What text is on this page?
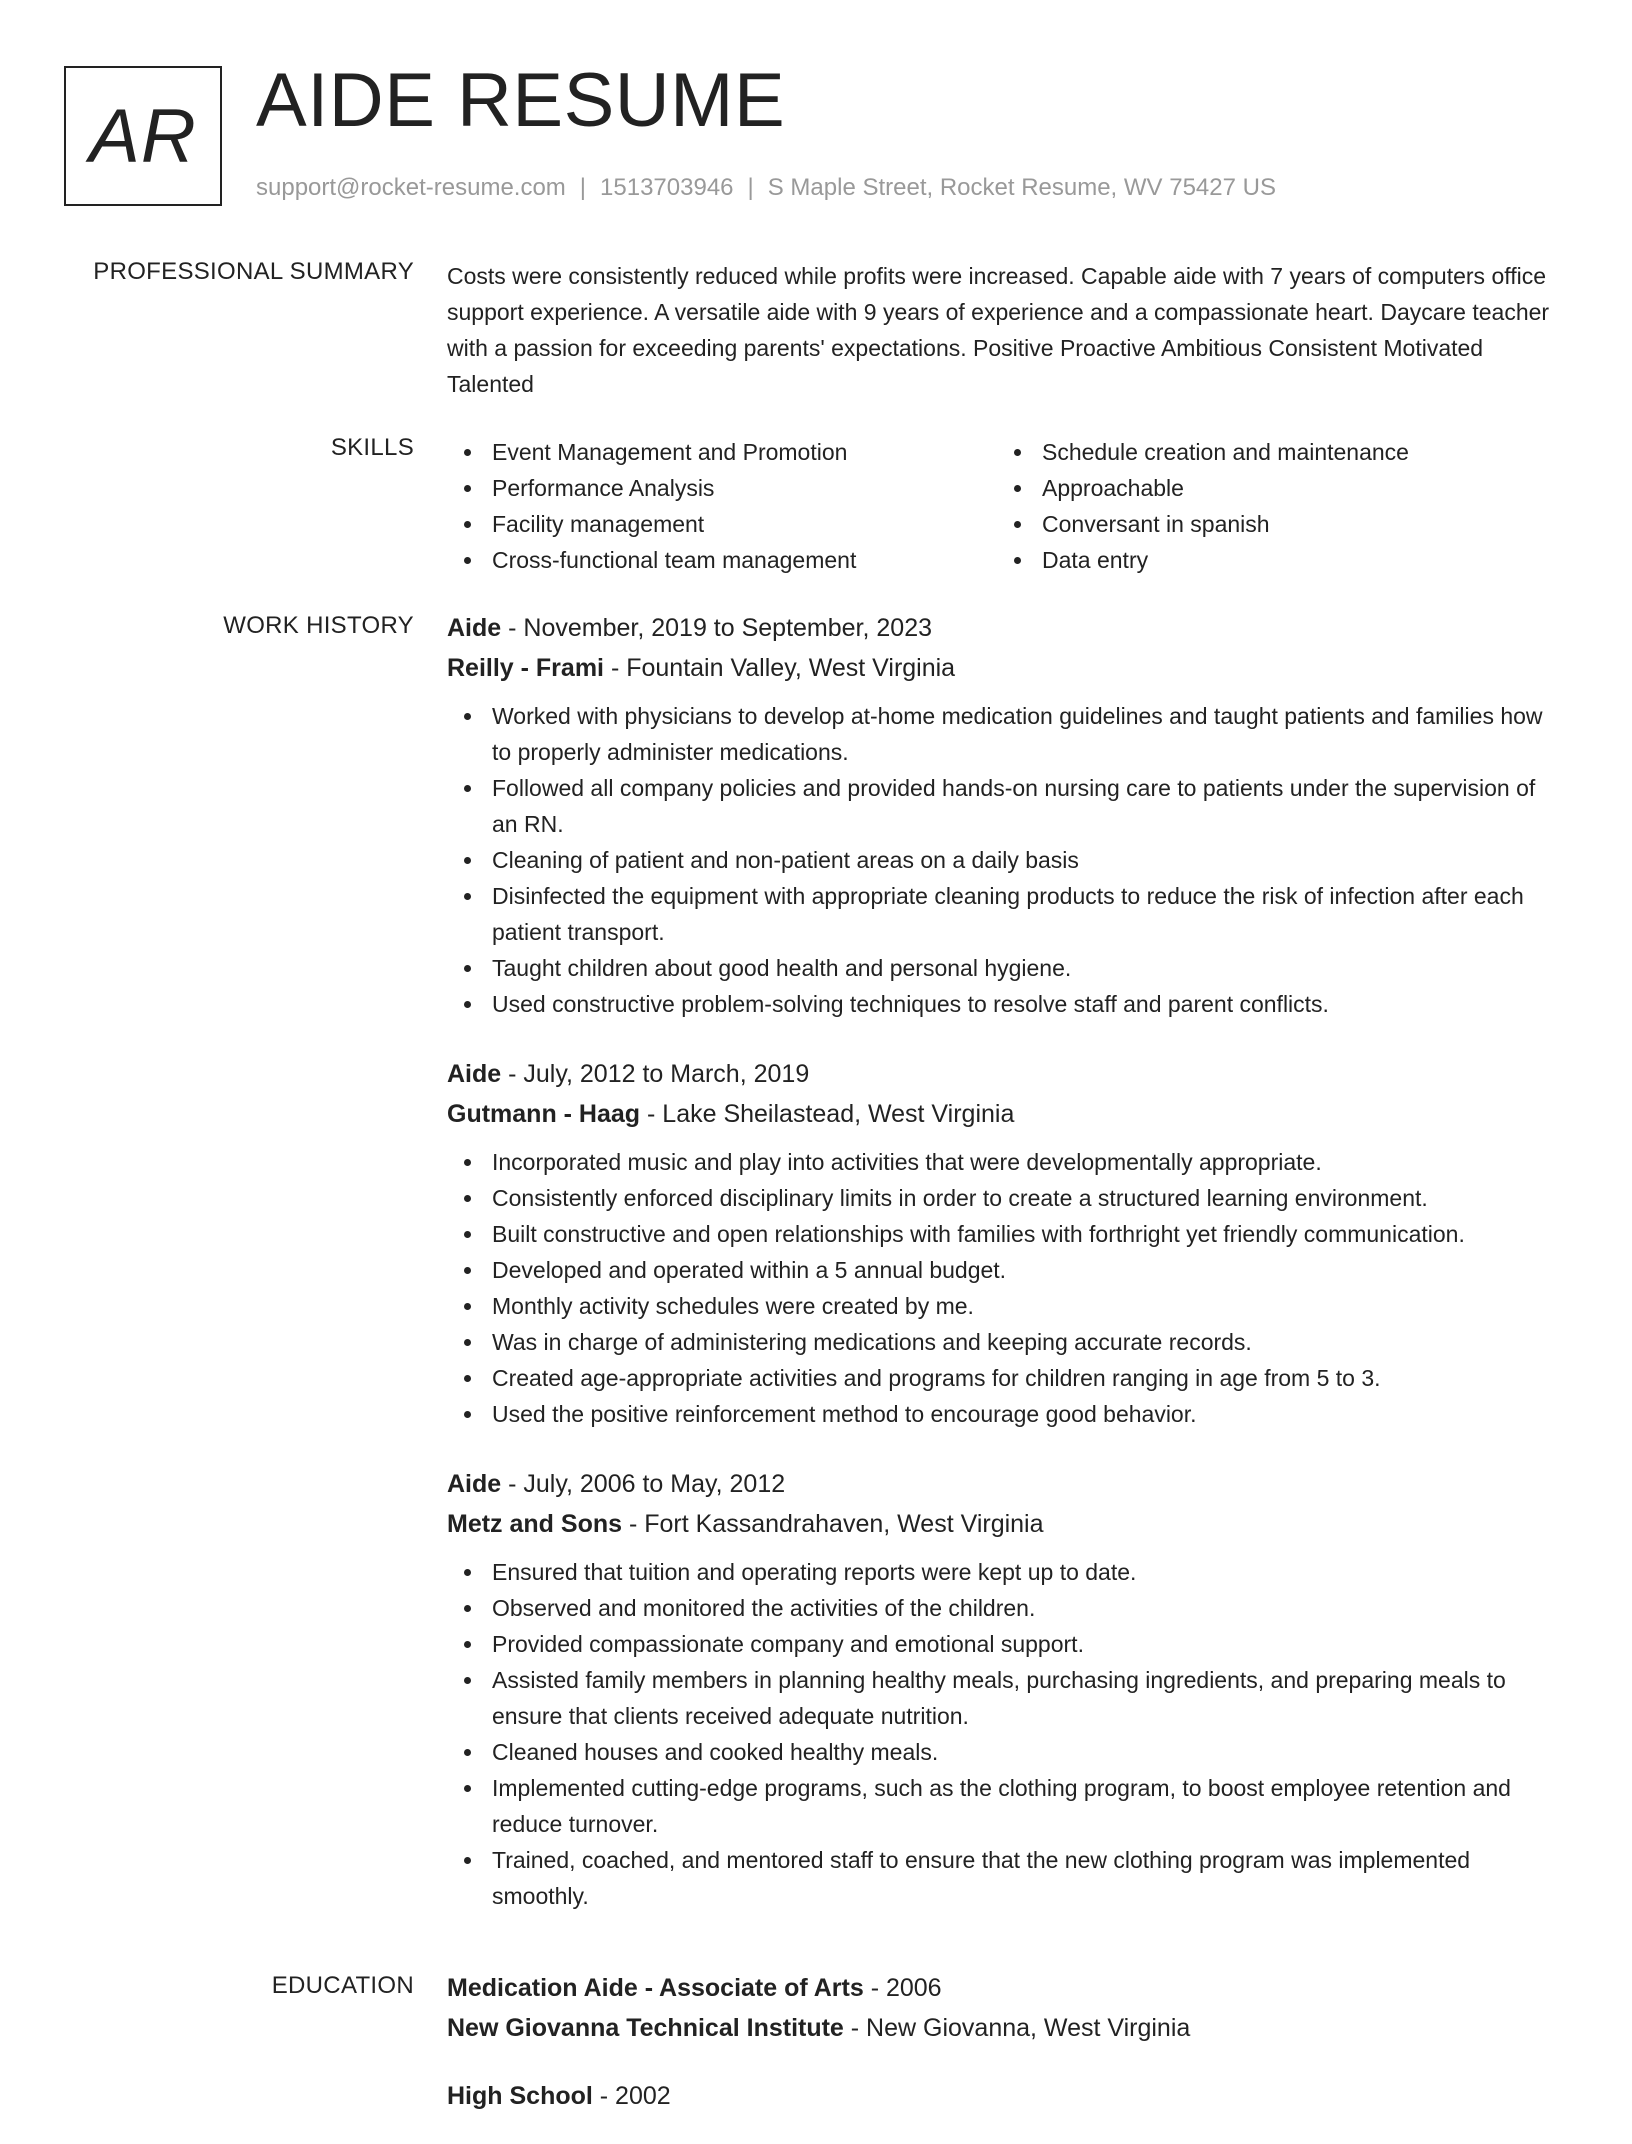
AR AIDE RESUME
support@rocket-resume.com | 1513703946 | S Maple Street, Rocket Resume, WV 75427 US
PROFESSIONAL SUMMARY Costs were consistently reduced while profits were increased. Capable aide with 7 years of computers office support experience. A versatile aide with 9 years of experience and a compassionate heart. Daycare teacher with a passion for exceeding parents' expectations. Positive Proactive Ambitious Consistent Motivated Talented

SKILLS	Event Management and Promotion
Performance Analysis
Facility management
Cross-functional team management
Schedule creation and maintenance
Approachable
Conversant in spanish
Data entry
WORK HISTORY Aide - November, 2019 to September, 2023
Reilly - Frami - Fountain Valley, West Virginia
Worked with physicians to develop at-home medication guidelines and taught patients and families how to properly administer medications.
Followed all company policies and provided hands-on nursing care to patients under the supervision of an RN.
Cleaning of patient and non-patient areas on a daily basis
Disinfected the equipment with appropriate cleaning products to reduce the risk of infection after each patient transport.
Taught children about good health and personal hygiene.
Used constructive problem-solving techniques to resolve staff and parent conflicts.
Aide - July, 2012 to March, 2019
Gutmann - Haag - Lake Sheilastead, West Virginia
Incorporated music and play into activities that were developmentally appropriate.
Consistently enforced disciplinary limits in order to create a structured learning environment.
Built constructive and open relationships with families with forthright yet friendly communication.
Developed and operated within a 5 annual budget.
Monthly activity schedules were created by me.
Was in charge of administering medications and keeping accurate records.
Created age-appropriate activities and programs for children ranging in age from 5 to 3.
Used the positive reinforcement method to encourage good behavior.
Aide - July, 2006 to May, 2012
Metz and Sons - Fort Kassandrahaven, West Virginia
Ensured that tuition and operating reports were kept up to date.
Observed and monitored the activities of the children.
Provided compassionate company and emotional support.
Assisted family members in planning healthy meals, purchasing ingredients, and preparing meals to ensure that clients received adequate nutrition.
Cleaned houses and cooked healthy meals.
Implemented cutting-edge programs, such as the clothing program, to boost employee retention and reduce turnover.
Trained, coached, and mentored staff to ensure that the new clothing program was implemented smoothly.
EDUCATION Medication Aide - Associate of Arts - 2006
New Giovanna Technical Institute - New Giovanna, West Virginia
High School - 2002
